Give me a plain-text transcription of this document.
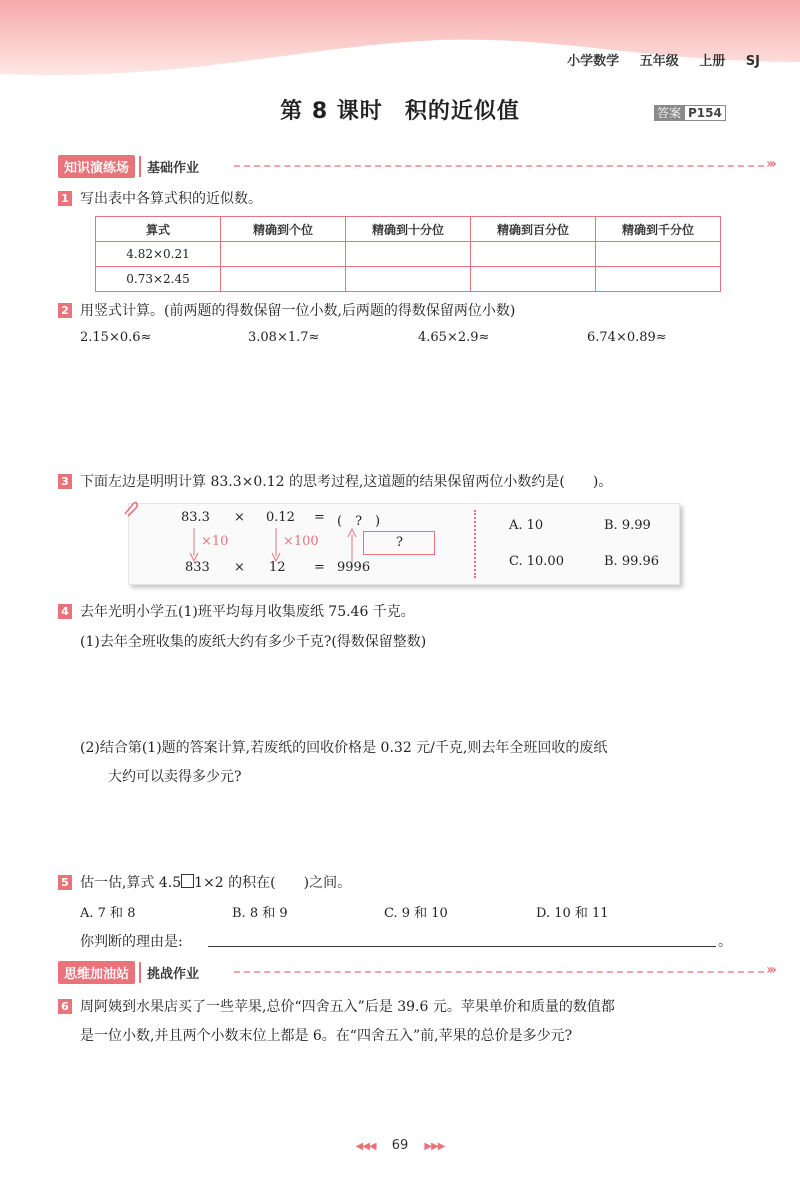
小学数学 五年级 上册 SJ
第 8 课时 积的近似值	答案 P154
知识演练场	基础作业	›››
1 写出表中各算式积的近似数。
算式	精确到个位	精确到十分位	精确到百分位	精确到千分位
4.82×0.21				
0.73×2.45				
2 用竖式计算。(前两题的得数保留一位小数,后两题的得数保留两位小数)
2.15×0.6≈	3.08×1.7≈	4.65×2.9≈	6.74×0.89≈
3 下面左边是明明计算 83.3×0.12 的思考过程,这道题的结果保留两位小数约是(　　)。
83.3 × 0.12 = (　?　)
×10	×100	?
833 × 12 = 9996
A. 10	B. 9.99
C. 10.00	B. 99.96
4 去年光明小学五(1)班平均每月收集废纸 75.46 千克。
(1)去年全班收集的废纸大约有多少千克?(得数保留整数)
(2)结合第(1)题的答案计算,若废纸的回收价格是 0.32 元/千克,则去年全班回收的废纸
大约可以卖得多少元?
5 估一估,算式 4.5 1×2 的积在(　　)之间。
A. 7 和 8	B. 8 和 9	C. 9 和 10	D. 10 和 11
你判断的理由是:	。
思维加油站	挑战作业	›››
6 周阿姨到水果店买了一些苹果,总价“四舍五入”后是 39.6 元。苹果单价和质量的数值都
是一位小数,并且两个小数末位上都是 6。在“四舍五入”前,苹果的总价是多少元?
◀◀◀ 69 ▶▶▶
